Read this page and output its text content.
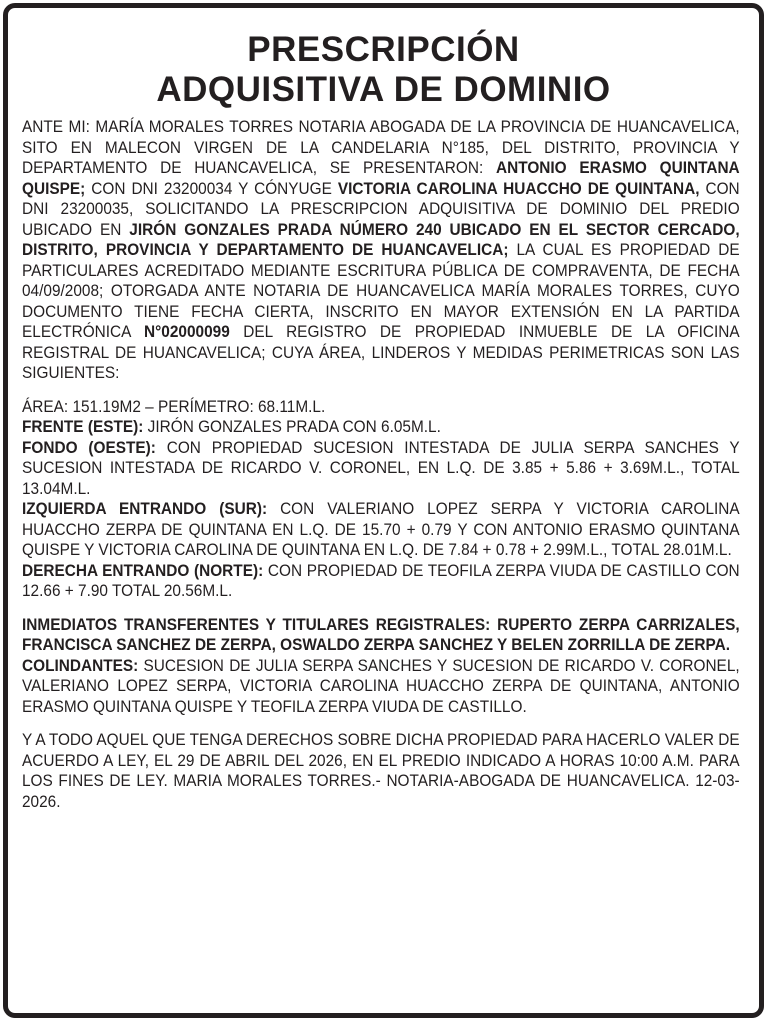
PRESCRIPCIÓN
ADQUISITIVA DE DOMINIO

ANTE MI: MARÍA MORALES TORRES NOTARIA ABOGADA DE LA PROVINCIA DE HUANCAVELICA, SITO EN MALECON VIRGEN DE LA CANDELARIA N°185, DEL DISTRITO, PROVINCIA Y DEPARTAMENTO DE HUANCAVELICA, SE PRESENTARON: ANTONIO ERASMO QUINTANA QUISPE; CON DNI 23200034 Y CÓNYUGE VICTORIA CAROLINA HUACCHO DE QUINTANA, CON DNI 23200035, SOLICITANDO LA PRESCRIPCION ADQUISITIVA DE DOMINIO DEL PREDIO UBICADO EN JIRÓN GONZALES PRADA NÚMERO 240 UBICADO EN EL SECTOR CERCADO, DISTRITO, PROVINCIA Y DEPARTAMENTO DE HUANCAVELICA; LA CUAL ES PROPIEDAD DE PARTICULARES ACREDITADO MEDIANTE ESCRITURA PÚBLICA DE COMPRAVENTA, DE FECHA 04/09/2008; OTORGADA ANTE NOTARIA DE HUANCAVELICA MARÍA MORALES TORRES, CUYO DOCUMENTO TIENE FECHA CIERTA, INSCRITO EN MAYOR EXTENSIÓN EN LA PARTIDA ELECTRÓNICA N°02000099 DEL REGISTRO DE PROPIEDAD INMUEBLE DE LA OFICINA REGISTRAL DE HUANCAVELICA; CUYA ÁREA, LINDEROS Y MEDIDAS PERIMETRICAS SON LAS SIGUIENTES:

ÁREA: 151.19M2 – PERÍMETRO: 68.11M.L.

FRENTE (ESTE): JIRÓN GONZALES PRADA CON 6.05M.L.

FONDO (OESTE): CON PROPIEDAD SUCESION INTESTADA DE JULIA SERPA SANCHES Y SUCESION INTESTADA DE RICARDO V. CORONEL, EN L.Q. DE 3.85 + 5.86 + 3.69M.L., TOTAL 13.04M.L.

IZQUIERDA ENTRANDO (SUR): CON VALERIANO LOPEZ SERPA Y VICTORIA CAROLINA HUACCHO ZERPA DE QUINTANA EN L.Q. DE 15.70 + 0.79 Y CON ANTONIO ERASMO QUINTANA QUISPE Y VICTORIA CAROLINA DE QUINTANA EN L.Q. DE 7.84 + 0.78 + 2.99M.L., TOTAL 28.01M.L.

DERECHA ENTRANDO (NORTE): CON PROPIEDAD DE TEOFILA ZERPA VIUDA DE CASTILLO CON 12.66 + 7.90 TOTAL 20.56M.L.

INMEDIATOS TRANSFERENTES Y TITULARES REGISTRALES: RUPERTO ZERPA CARRIZALES, FRANCISCA SANCHEZ DE ZERPA, OSWALDO ZERPA SANCHEZ Y BELEN ZORRILLA DE ZERPA.

COLINDANTES: SUCESION DE JULIA SERPA SANCHES Y SUCESION DE RICARDO V. CORONEL, VALERIANO LOPEZ SERPA, VICTORIA CAROLINA HUACCHO ZERPA DE QUINTANA, ANTONIO ERASMO QUINTANA QUISPE Y TEOFILA ZERPA VIUDA DE CASTILLO.

Y A TODO AQUEL QUE TENGA DERECHOS SOBRE DICHA PROPIEDAD PARA HACERLO VALER DE ACUERDO A LEY, EL 29 DE ABRIL DEL 2026, EN EL PREDIO INDICADO A HORAS 10:00 A.M. PARA LOS FINES DE LEY. MARIA MORALES TORRES.- NOTARIA-ABOGADA DE HUANCAVELICA. 12-03-2026.
